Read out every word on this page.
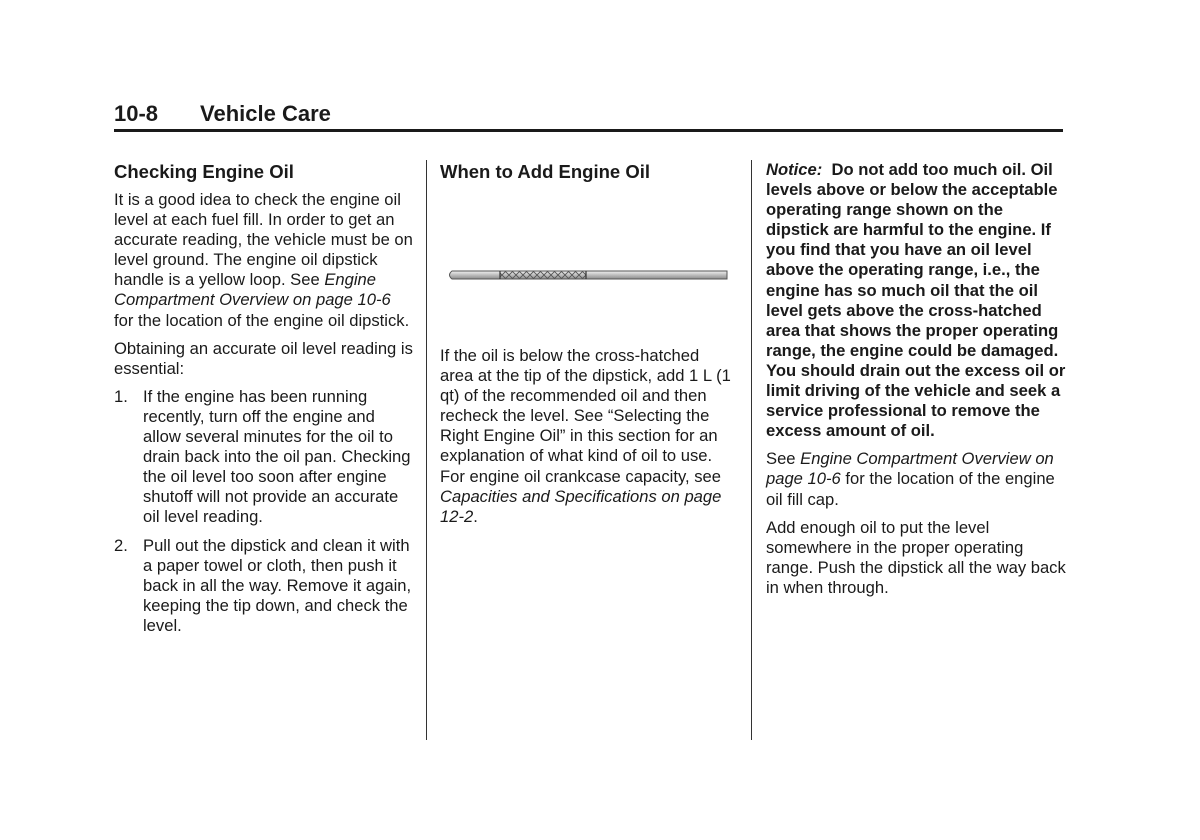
10-8 Vehicle Care
Checking Engine Oil

It is a good idea to check the engine oil level at each fuel fill. In order to get an accurate reading, the vehicle must be on level ground. The engine oil dipstick handle is a yellow loop. See Engine Compartment Overview on page 10-6 for the location of the engine oil dipstick.

Obtaining an accurate oil level reading is essential:

1. If the engine has been running recently, turn off the engine and allow several minutes for the oil to drain back into the oil pan. Checking the oil level too soon after engine shutoff will not provide an accurate oil level reading.
2. Pull out the dipstick and clean it with a paper towel or cloth, then push it back in all the way. Remove it again, keeping the tip down, and check the level.
When to Add Engine Oil

If the oil is below the cross-hatched area at the tip of the dipstick, add 1 L (1 qt) of the recommended oil and then recheck the level. See “Selecting the Right Engine Oil” in this section for an explanation of what kind of oil to use. For engine oil crankcase capacity, see Capacities and Specifications on page 12-2.

Notice: Do not add too much oil. Oil levels above or below the acceptable operating range shown on the dipstick are harmful to the engine. If you find that you have an oil level above the operating range, i.e., the engine has so much oil that the oil level gets above the cross-hatched area that shows the proper operating range, the engine could be damaged. You should drain out the excess oil or limit driving of the vehicle and seek a service professional to remove the excess amount of oil.

See Engine Compartment Overview on page 10-6 for the location of the engine oil fill cap.

Add enough oil to put the level somewhere in the proper operating range. Push the dipstick all the way back in when through.
